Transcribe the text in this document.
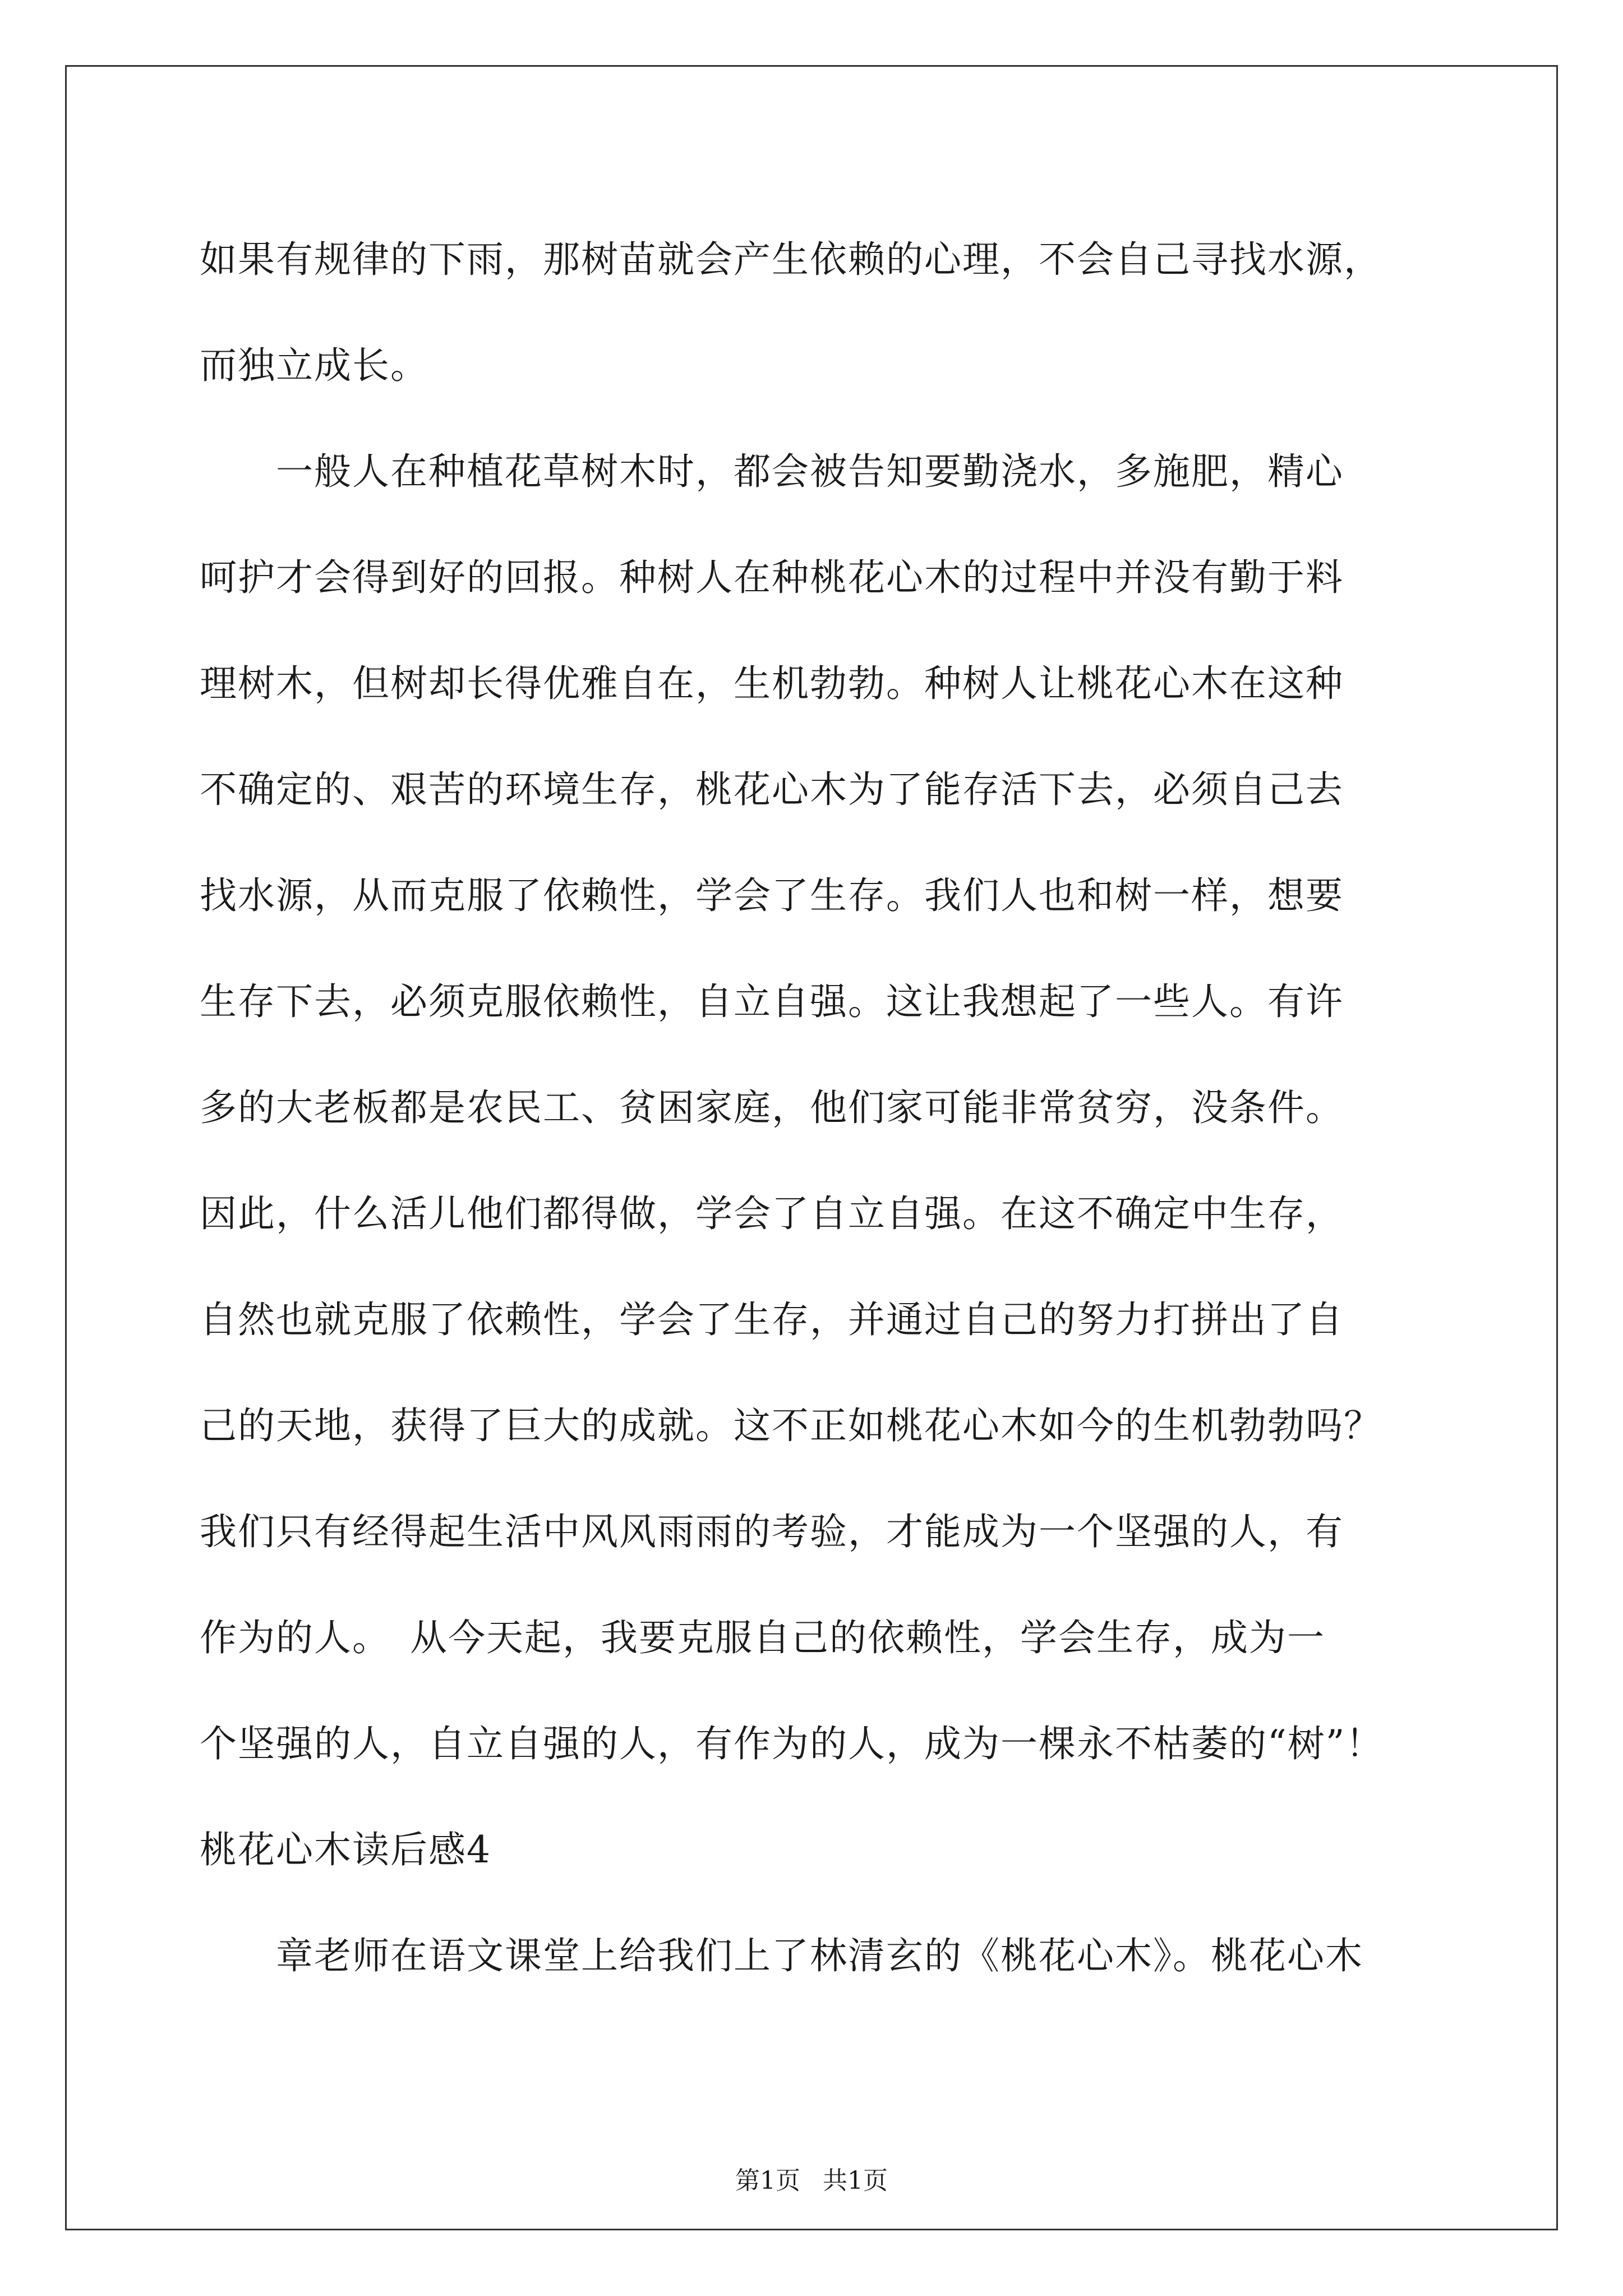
如果有规律的下雨，那树苗就会产生依赖的心理，不会自己寻找水源，
而独立成长。
一般人在种植花草树木时，都会被告知要勤浇水，多施肥，精心
呵护才会得到好的回报。种树人在种桃花心木的过程中并没有勤于料
理树木，但树却长得优雅自在，生机勃勃。种树人让桃花心木在这种
不确定的、艰苦的环境生存，桃花心木为了能存活下去，必须自己去
找水源，从而克服了依赖性，学会了生存。我们人也和树一样，想要
生存下去，必须克服依赖性，自立自强。这让我想起了一些人。有许
多的大老板都是农民工、贫困家庭，他们家可能非常贫穷，没条件。
因此，什么活儿他们都得做，学会了自立自强。在这不确定中生存，
自然也就克服了依赖性，学会了生存，并通过自己的努力打拼出了自
己的天地，获得了巨大的成就。这不正如桃花心木如今的生机勃勃吗？
我们只有经得起生活中风风雨雨的考验，才能成为一个坚强的人，有
作为的人。　从今天起，我要克服自己的依赖性，学会生存，成为一
个坚强的人，自立自强的人，有作为的人，成为一棵永不枯萎的“树”！
桃花心木读后感4
章老师在语文课堂上给我们上了林清玄的《桃花心木》。桃花心木
第1页 共1页
